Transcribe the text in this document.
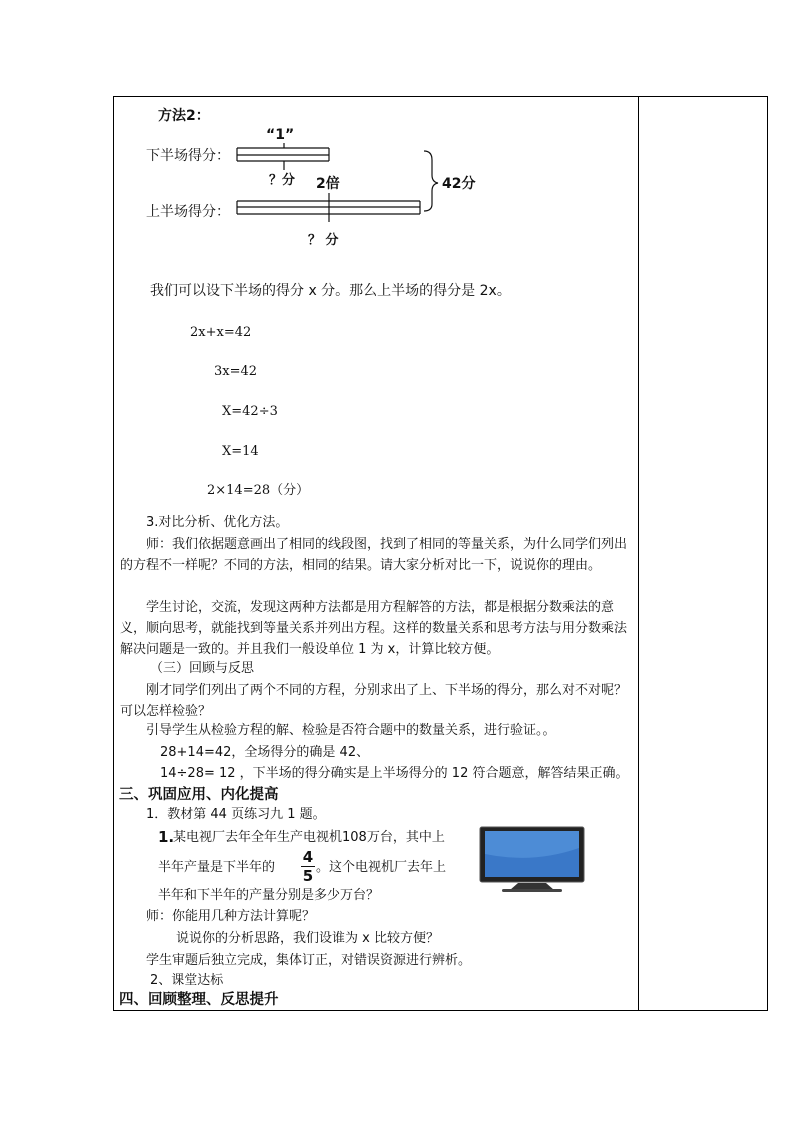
方法2：
“1”
下半场得分：
上半场得分：
？分 2倍
？ 分
42分
我们可以设下半场的得分 x 分。那么上半场的得分是 2x。
2x+x=42
3x=42
X=42÷3
X=14
2×14=28（分）
3.对比分析、优化方法。
师：我们依据题意画出了相同的线段图，找到了相同的等量关系，为什么同学们列出的方程不一样呢？不同的方法，相同的结果。请大家分析对比一下，说说你的理由。
学生讨论，交流，发现这两种方法都是用方程解答的方法，都是根据分数乘法的意义，顺向思考，就能找到等量关系并列出方程。这样的数量关系和思考方法与用分数乘法解决问题是一致的。并且我们一般设单位 1 为 x，计算比较方便。
（三）回顾与反思
刚才同学们列出了两个不同的方程，分别求出了上、下半场的得分，那么对不对呢？可以怎样检验？
引导学生从检验方程的解、检验是否符合题中的数量关系，进行验证。。
28+14=42，全场得分的确是 42、
14÷28= 12 ，下半场的得分确实是上半场得分的 12 符合题意，解答结果正确。
三、巩固应用、内化提高
1．教材第 44 页练习九 1 题。
1.
某电视厂去年全年生产电视机108万台，其中上
半年产量是下半年的
4
5 。这个电视机厂去年上
半年和下半年的产量分别是多少万台？
师：你能用几种方法计算呢？
说说你的分析思路，我们设谁为 x 比较方便？
学生审题后独立完成，集体订正，对错误资源进行辨析。
2、课堂达标
四、回顾整理、反思提升
